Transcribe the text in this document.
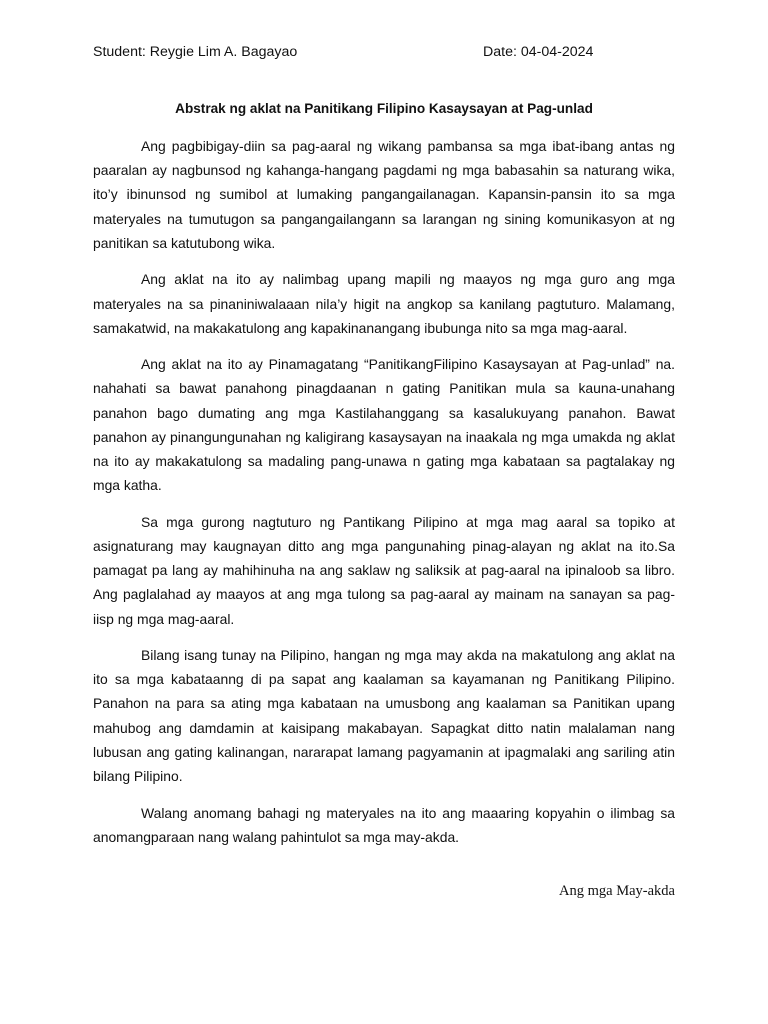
Student: Reygie Lim A. Bagayao	Date: 04-04-2024
Abstrak ng aklat na Panitikang Filipino Kasaysayan at Pag-unlad

Ang pagbibigay-diin sa pag-aaral ng wikang pambansa sa mga ibat-ibang antas ng paaralan ay nagbunsod ng kahanga-hangang pagdami ng mga babasahin sa naturang wika, ito’y ibinunsod ng sumibol at lumaking pangangailanagan. Kapansin-pansin ito sa mga materyales na tumutugon sa pangangailangann sa larangan ng sining komunikasyon at ng panitikan sa katutubong wika.

Ang aklat na ito ay nalimbag upang mapili ng maayos ng mga guro ang mga materyales na sa pinaniniwalaaan nila’y higit na angkop sa kanilang pagtuturo. Malamang, samakatwid, na makakatulong ang kapakinanangang ibubunga nito sa mga mag-aaral.

Ang aklat na ito ay Pinamagatang “PanitikangFilipino Kasaysayan at Pag-unlad” na. nahahati sa bawat panahong pinagdaanan n gating Panitikan mula sa kauna-unahang panahon bago dumating ang mga Kastilahanggang sa kasalukuyang panahon. Bawat panahon ay pinangungunahan ng kaligirang kasaysayan na inaakala ng mga umakda ng aklat na ito ay makakatulong sa madaling pang-unawa n gating mga kabataan sa pagtalakay ng mga katha.

Sa mga gurong nagtuturo ng Pantikang Pilipino at mga mag aaral sa topiko at asignaturang may kaugnayan ditto ang mga pangunahing pinag-alayan ng aklat na ito.Sa pamagat pa lang ay mahihinuha na ang saklaw ng saliksik at pag-aaral na ipinaloob sa libro. Ang paglalahad ay maayos at ang mga tulong sa pag-aaral ay mainam na sanayan sa pag-iisp ng mga mag-aaral.

Bilang isang tunay na Pilipino, hangan ng mga may akda na makatulong ang aklat na ito sa mga kabataanng di pa sapat ang kaalaman sa kayamanan ng Panitikang Pilipino. Panahon na para sa ating mga kabataan na umusbong ang kaalaman sa Panitikan upang mahubog ang damdamin at kaisipang makabayan. Sapagkat ditto natin malalaman nang lubusan ang gating kalinangan, nararapat lamang pagyamanin at ipagmalaki ang sariling atin bilang Pilipino.

Walang anomang bahagi ng materyales na ito ang maaaring kopyahin o ilimbag sa anomangparaan nang walang pahintulot sa mga may-akda.

Ang mga May-akda
